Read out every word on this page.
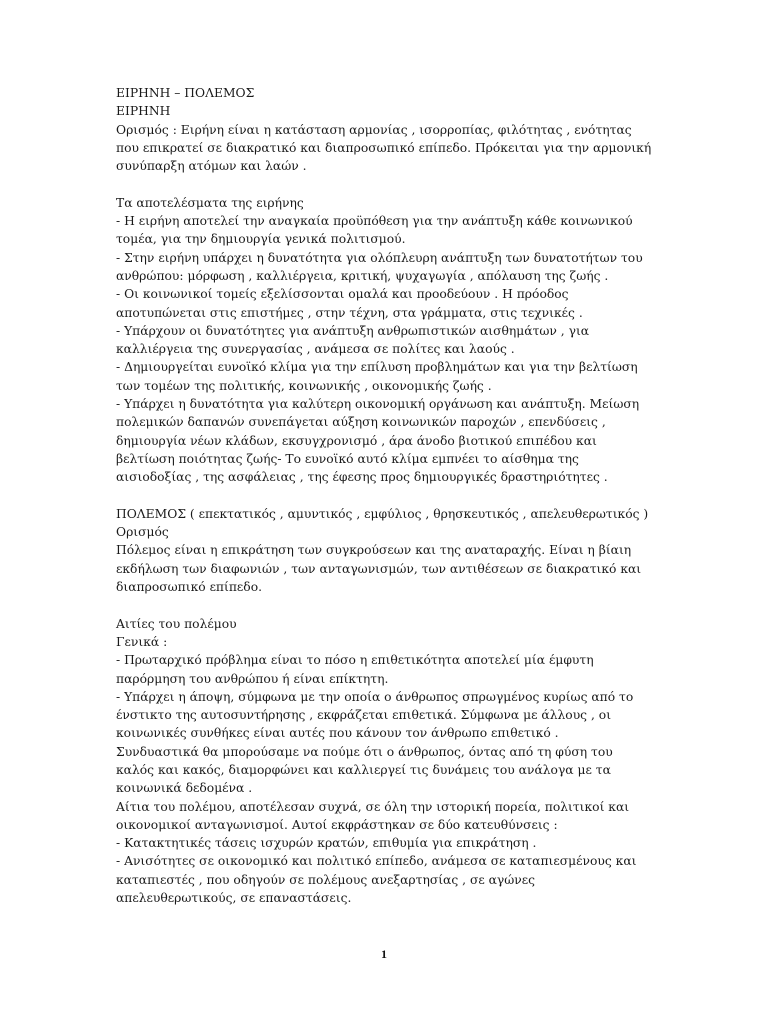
ΕΙΡΗΝΗ – ΠΟΛΕΜΟΣ

ΕΙΡΗΝΗ

Ορισμός : Ειρήνη είναι η κατάσταση αρμονίας , ισορροπίας, φιλότητας , ενότητας που επικρατεί σε διακρατικό και διαπροσωπικό επίπεδο. Πρόκειται για την αρμονική συνύπαρξη ατόμων και λαών .

Τα αποτελέσματα της ειρήνης

- Η ειρήνη αποτελεί την αναγκαία προϋπόθεση για την ανάπτυξη κάθε κοινωνικού τομέα, για την δημιουργία γενικά πολιτισμού.

- Στην ειρήνη υπάρχει η δυνατότητα για ολόπλευρη ανάπτυξη των δυνατοτήτων του ανθρώπου: μόρφωση , καλλιέργεια, κριτική, ψυχαγωγία , απόλαυση της ζωής .

- Οι κοινωνικοί τομείς εξελίσσονται ομαλά και προοδεύουν . Η πρόοδος αποτυπώνεται στις επιστήμες , στην τέχνη, στα γράμματα, στις τεχνικές .

- Υπάρχουν οι δυνατότητες για ανάπτυξη ανθρωπιστικών αισθημάτων , για καλλιέργεια της συνεργασίας , ανάμεσα σε πολίτες και λαούς .

- Δημιουργείται ευνοϊκό κλίμα για την επίλυση προβλημάτων και για την βελτίωση των τομέων της πολιτικής, κοινωνικής , οικονομικής ζωής .

- Υπάρχει η δυνατότητα για καλύτερη οικονομική οργάνωση και ανάπτυξη. Μείωση πολεμικών δαπανών συνεπάγεται αύξηση κοινωνικών παροχών , επενδύσεις , δημιουργία νέων κλάδων, εκσυγχρονισμό , άρα άνοδο βιοτικού επιπέδου και βελτίωση ποιότητας ζωής- Το ευνοϊκό αυτό κλίμα εμπνέει το αίσθημα της αισιοδοξίας , της ασφάλειας , της έφεσης προς δημιουργικές δραστηριότητες .

ΠΟΛΕΜΟΣ ( επεκτατικός , αμυντικός , εμφύλιος , θρησκευτικός , απελευθερωτικός )

Ορισμός

Πόλεμος είναι η επικράτηση των συγκρούσεων και της αναταραχής. Είναι η βίαιη εκδήλωση των διαφωνιών , των ανταγωνισμών, των αντιθέσεων σε διακρατικό και διαπροσωπικό επίπεδο.

Αιτίες του πολέμου

Γενικά :

- Πρωταρχικό πρόβλημα είναι το πόσο η επιθετικότητα αποτελεί μία έμφυτη παρόρμηση του ανθρώπου ή είναι επίκτητη.

- Υπάρχει η άποψη, σύμφωνα με την οποία ο άνθρωπος σπρωγμένος κυρίως από το ένστικτο της αυτοσυντήρησης , εκφράζεται επιθετικά. Σύμφωνα με άλλους , οι κοινωνικές συνθήκες είναι αυτές που κάνουν τον άνθρωπο επιθετικό .

Συνδυαστικά θα μπορούσαμε να πούμε ότι ο άνθρωπος, όντας από τη φύση του καλός και κακός, διαμορφώνει και καλλιεργεί τις δυνάμεις του ανάλογα με τα κοινωνικά δεδομένα .

Αίτια του πολέμου, αποτέλεσαν συχνά, σε όλη την ιστορική πορεία, πολιτικοί και οικονομικοί ανταγωνισμοί. Αυτοί εκφράστηκαν σε δύο κατευθύνσεις :

- Κατακτητικές τάσεις ισχυρών κρατών, επιθυμία για επικράτηση .

- Ανισότητες σε οικονομικό και πολιτικό επίπεδο, ανάμεσα σε καταπιεσμένους και καταπιεστές , που οδηγούν σε πολέμους ανεξαρτησίας , σε αγώνες απελευθερωτικούς, σε επαναστάσεις.

1
